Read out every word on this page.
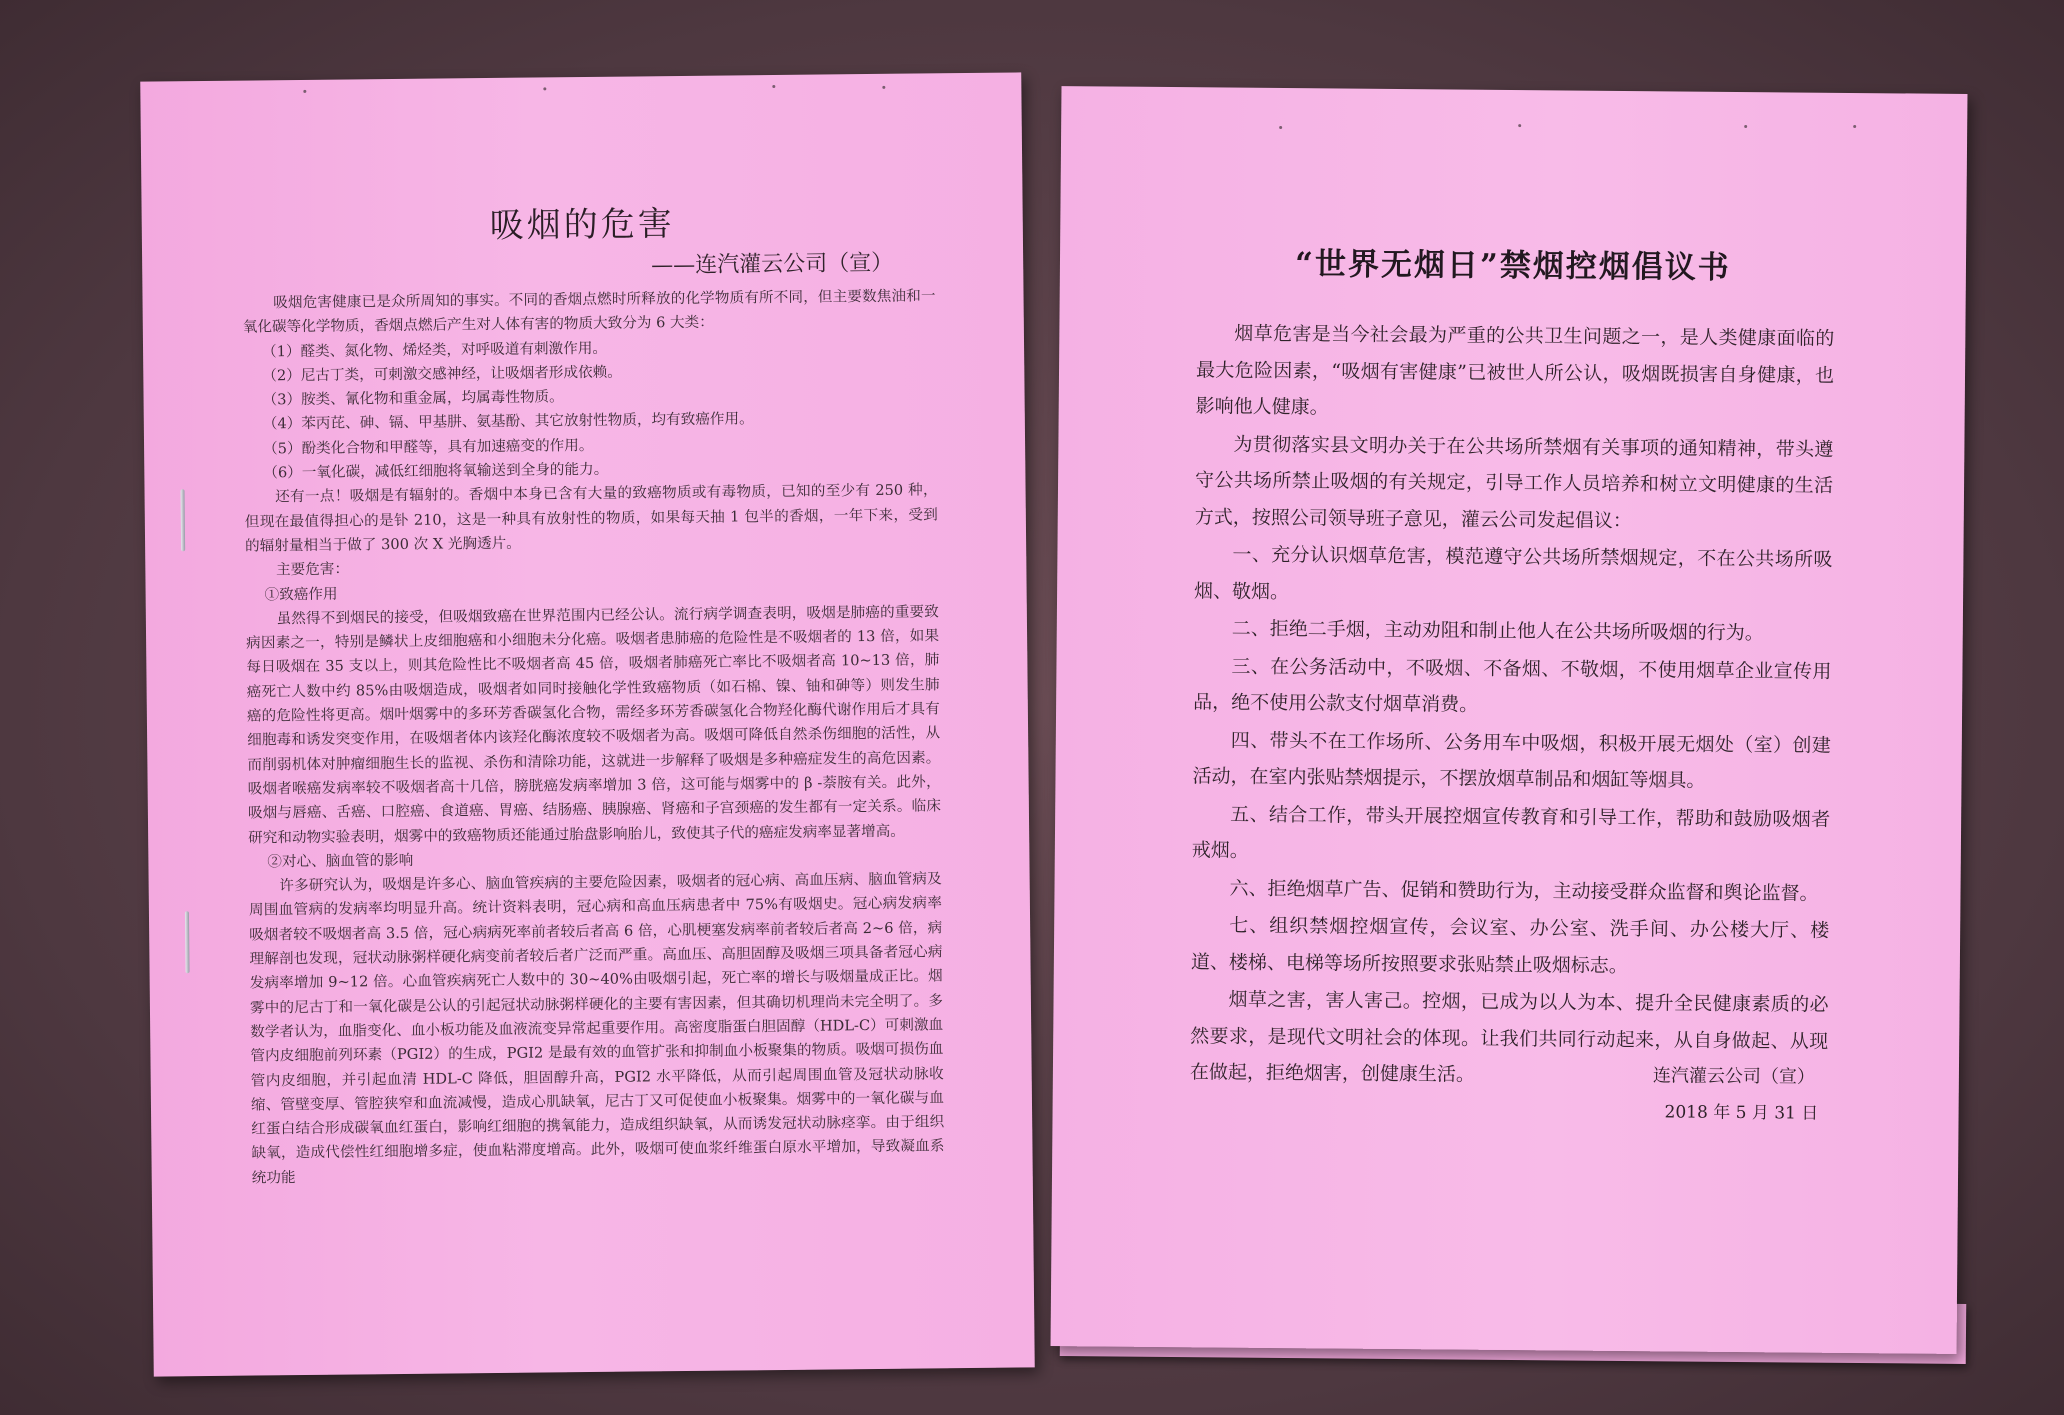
吸烟的危害
——连汽灌云公司（宣）

吸烟危害健康已是众所周知的事实。不同的香烟点燃时所释放的化学物质有所不同，但主要数焦油和一氧化碳等化学物质，香烟点燃后产生对人体有害的物质大致分为 6 大类：

（1）醛类、氮化物、烯烃类，对呼吸道有刺激作用。

（2）尼古丁类，可刺激交感神经，让吸烟者形成依赖。

（3）胺类、氰化物和重金属，均属毒性物质。

（4）苯丙芘、砷、镉、甲基肼、氨基酚、其它放射性物质，均有致癌作用。

（5）酚类化合物和甲醛等，具有加速癌变的作用。

（6）一氧化碳，减低红细胞将氧输送到全身的能力。

还有一点！吸烟是有辐射的。香烟中本身已含有大量的致癌物质或有毒物质，已知的至少有 250 种，但现在最值得担心的是钋 210，这是一种具有放射性的物质，如果每天抽 1 包半的香烟，一年下来，受到的辐射量相当于做了 300 次 X 光胸透片。

主要危害：

①致癌作用

虽然得不到烟民的接受，但吸烟致癌在世界范围内已经公认。流行病学调查表明，吸烟是肺癌的重要致病因素之一，特别是鳞状上皮细胞癌和小细胞未分化癌。吸烟者患肺癌的危险性是不吸烟者的 13 倍，如果每日吸烟在 35 支以上，则其危险性比不吸烟者高 45 倍，吸烟者肺癌死亡率比不吸烟者高 10~13 倍，肺癌死亡人数中约 85%由吸烟造成，吸烟者如同时接触化学性致癌物质（如石棉、镍、铀和砷等）则发生肺癌的危险性将更高。烟叶烟雾中的多环芳香碳氢化合物，需经多环芳香碳氢化合物羟化酶代谢作用后才具有细胞毒和诱发突变作用，在吸烟者体内该羟化酶浓度较不吸烟者为高。吸烟可降低自然杀伤细胞的活性，从而削弱机体对肿瘤细胞生长的监视、杀伤和清除功能，这就进一步解释了吸烟是多种癌症发生的高危因素。吸烟者喉癌发病率较不吸烟者高十几倍，膀胱癌发病率增加 3 倍，这可能与烟雾中的 β -萘胺有关。此外，吸烟与唇癌、舌癌、口腔癌、食道癌、胃癌、结肠癌、胰腺癌、肾癌和子宫颈癌的发生都有一定关系。临床研究和动物实验表明，烟雾中的致癌物质还能通过胎盘影响胎儿，致使其子代的癌症发病率显著增高。

②对心、脑血管的影响

许多研究认为，吸烟是许多心、脑血管疾病的主要危险因素，吸烟者的冠心病、高血压病、脑血管病及周围血管病的发病率均明显升高。统计资料表明，冠心病和高血压病患者中 75%有吸烟史。冠心病发病率吸烟者较不吸烟者高 3.5 倍，冠心病病死率前者较后者高 6 倍，心肌梗塞发病率前者较后者高 2~6 倍，病理解剖也发现，冠状动脉粥样硬化病变前者较后者广泛而严重。高血压、高胆固醇及吸烟三项具备者冠心病发病率增加 9~12 倍。心血管疾病死亡人数中的 30~40%由吸烟引起，死亡率的增长与吸烟量成正比。烟雾中的尼古丁和一氧化碳是公认的引起冠状动脉粥样硬化的主要有害因素，但其确切机理尚未完全明了。多数学者认为，血脂变化、血小板功能及血液流变异常起重要作用。高密度脂蛋白胆固醇（HDL-C）可刺激血管内皮细胞前列环素（PGI2）的生成，PGI2 是最有效的血管扩张和抑制血小板聚集的物质。吸烟可损伤血管内皮细胞，并引起血清 HDL-C 降低，胆固醇升高，PGI2 水平降低，从而引起周围血管及冠状动脉收缩、管壁变厚、管腔狭窄和血流减慢，造成心肌缺氧，尼古丁又可促使血小板聚集。烟雾中的一氧化碳与血红蛋白结合形成碳氧血红蛋白，影响红细胞的携氧能力，造成组织缺氧，从而诱发冠状动脉痉挛。由于组织缺氧，造成代偿性红细胞增多症，使血粘滞度增高。此外，吸烟可使血浆纤维蛋白原水平增加，导致凝血系统功能

“世界无烟日”禁烟控烟倡议书

烟草危害是当今社会最为严重的公共卫生问题之一，是人类健康面临的最大危险因素，“吸烟有害健康”已被世人所公认，吸烟既损害自身健康，也影响他人健康。

为贯彻落实县文明办关于在公共场所禁烟有关事项的通知精神，带头遵守公共场所禁止吸烟的有关规定，引导工作人员培养和树立文明健康的生活方式，按照公司领导班子意见，灌云公司发起倡议：

一、充分认识烟草危害，模范遵守公共场所禁烟规定，不在公共场所吸烟、敬烟。

二、拒绝二手烟，主动劝阻和制止他人在公共场所吸烟的行为。

三、在公务活动中，不吸烟、不备烟、不敬烟，不使用烟草企业宣传用品，绝不使用公款支付烟草消费。

四、带头不在工作场所、公务用车中吸烟，积极开展无烟处（室）创建活动，在室内张贴禁烟提示，不摆放烟草制品和烟缸等烟具。

五、结合工作，带头开展控烟宣传教育和引导工作，帮助和鼓励吸烟者戒烟。

六、拒绝烟草广告、促销和赞助行为，主动接受群众监督和舆论监督。

七、组织禁烟控烟宣传，会议室、办公室、洗手间、办公楼大厅、楼道、楼梯、电梯等场所按照要求张贴禁止吸烟标志。

烟草之害，害人害己。控烟，已成为以人为本、提升全民健康素质的必然要求，是现代文明社会的体现。让我们共同行动起来，从自身做起、从现在做起，拒绝烟害，创健康生活。	连汽灌云公司（宣）
2018 年 5 月 31 日
